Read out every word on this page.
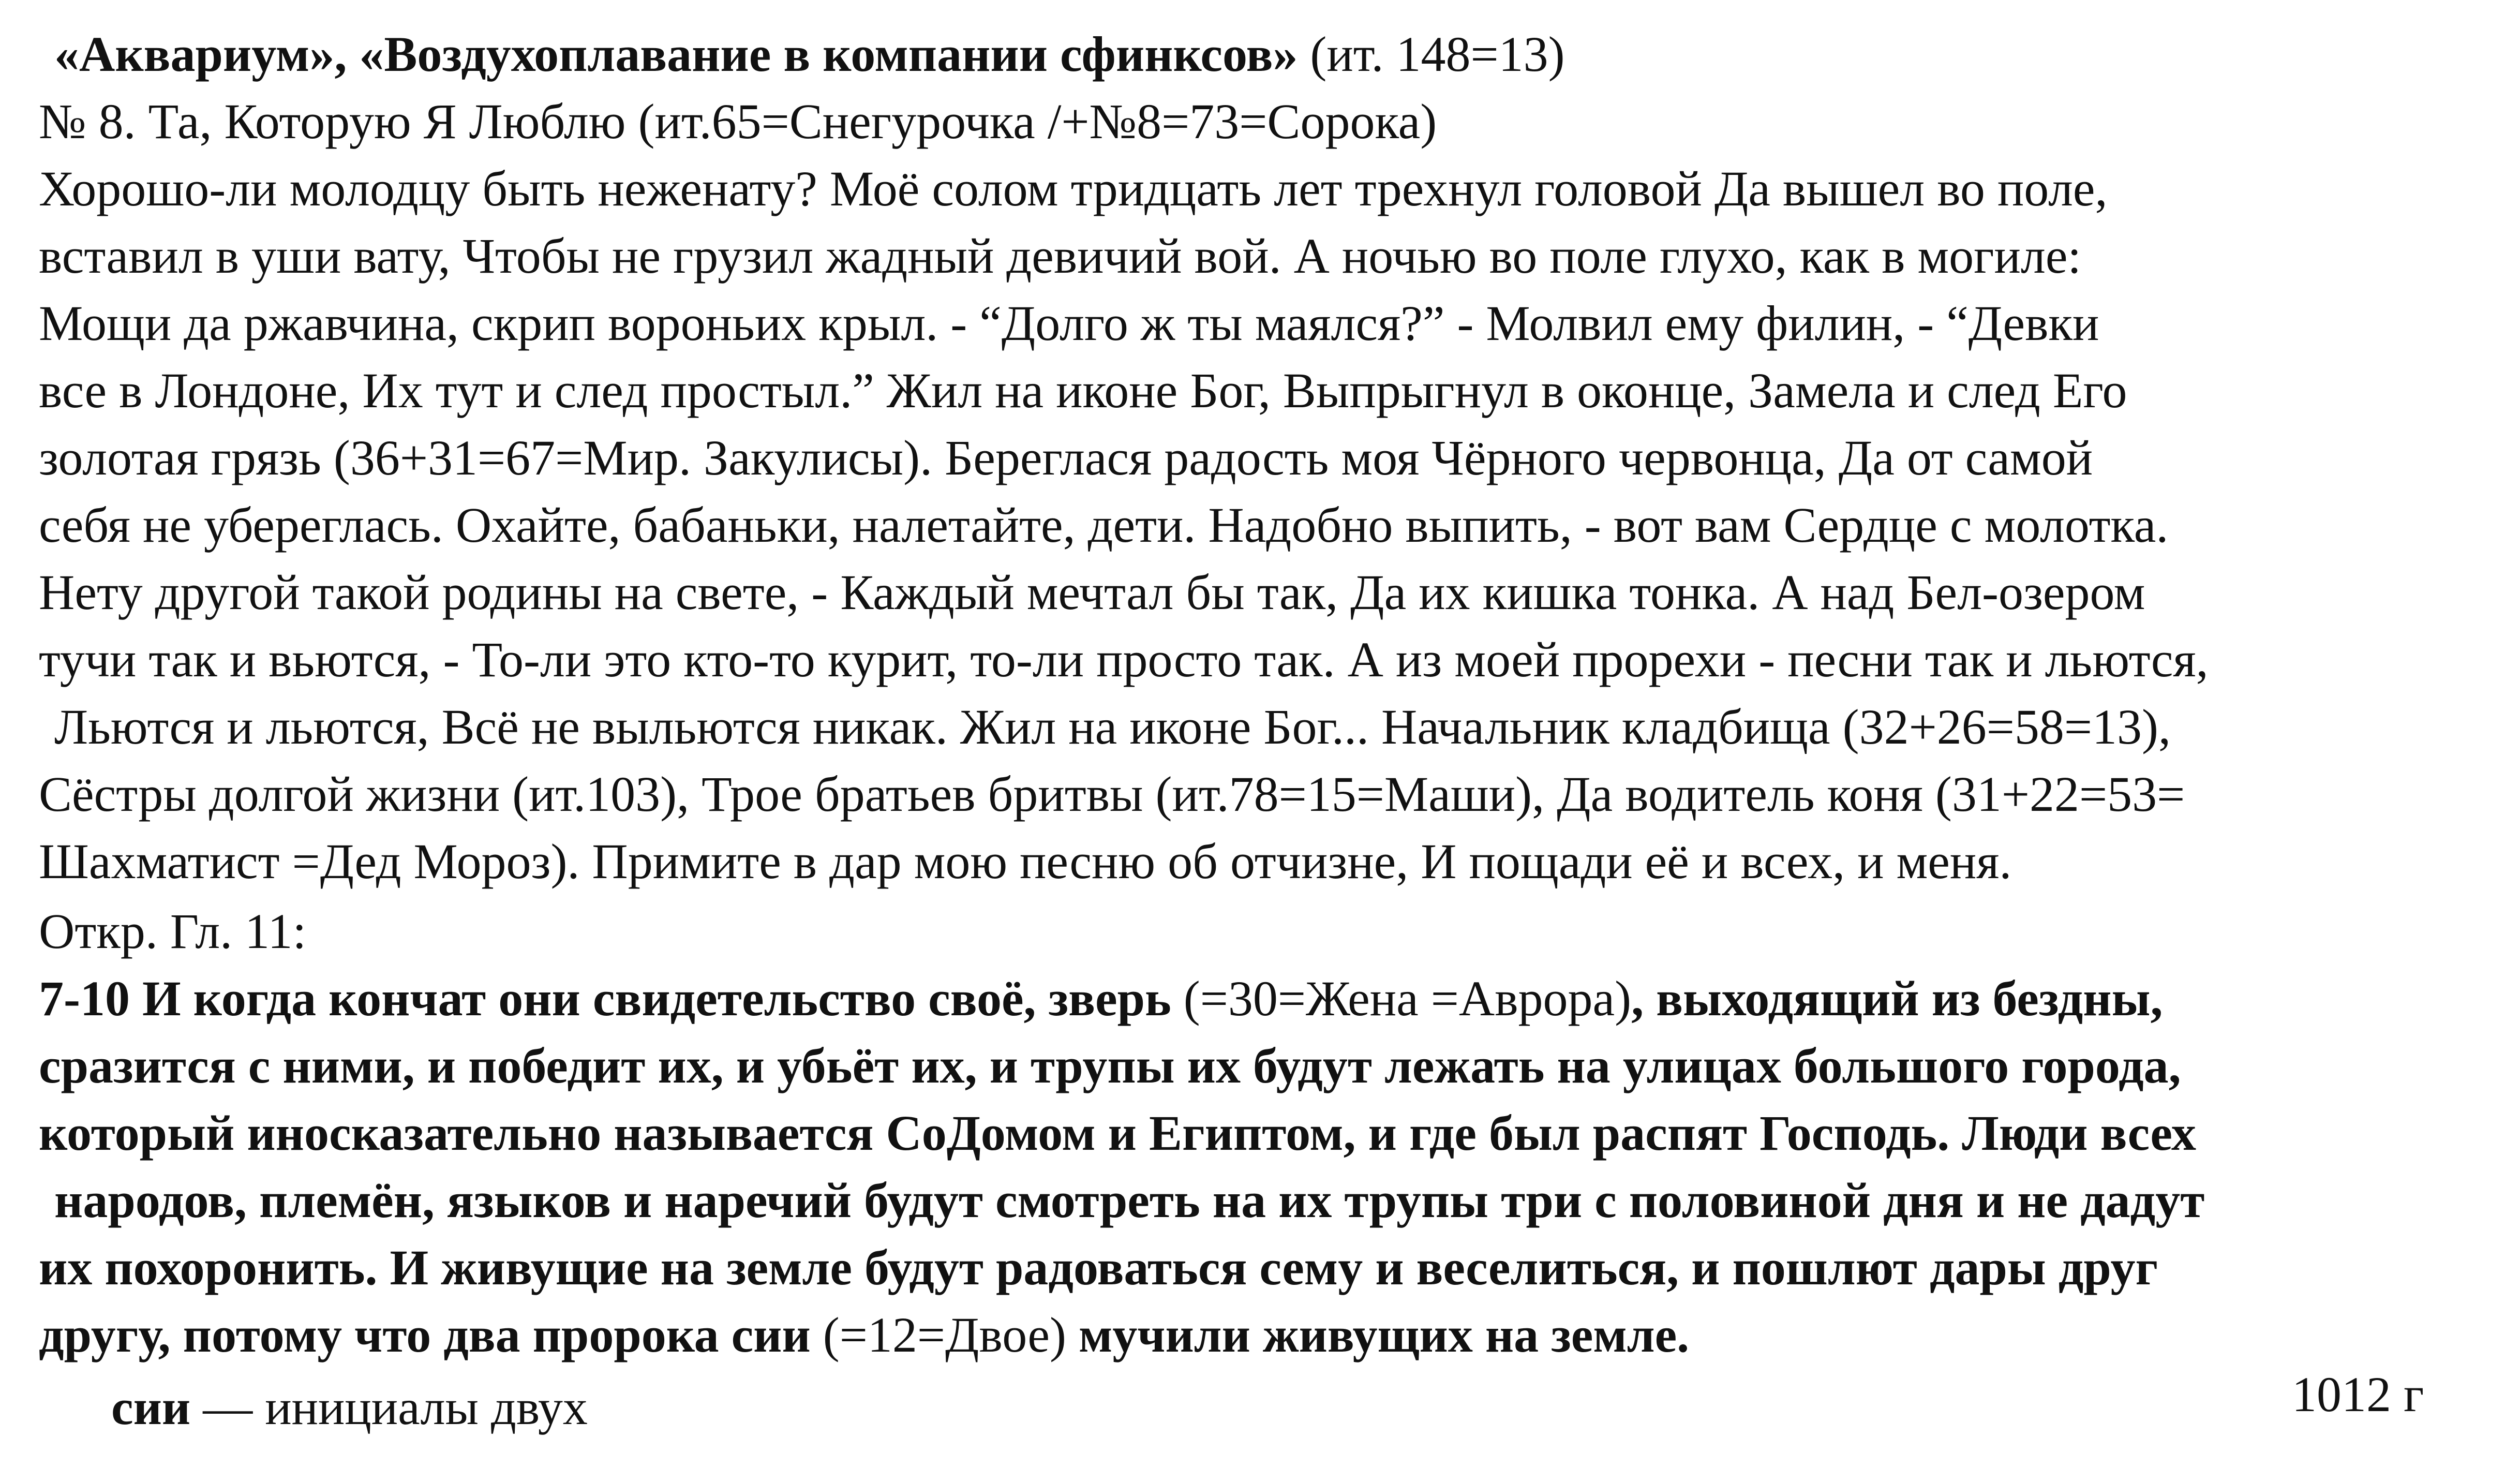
«Аквариум», «Воздухоплавание в компании сфинксов» (ит. 148=13)
№ 8. Та, Которую Я Люблю (ит.65=Снегурочка /+№8=73=Сорока)
Хорошо-ли молодцу быть неженату? Моё солом тридцать лет трехнул головой Да вышел во поле,
вставил в уши вату, Чтобы не грузил жадный девичий вой. А ночью во поле глухо, как в могиле:
Мощи да ржавчина, скрип вороньих крыл. - “Долго ж ты маялся?” - Молвил ему филин, - “Девки
все в Лондоне, Их тут и след простыл.” Жил на иконе Бог, Выпрыгнул в оконце, Замела и след Его
золотая грязь (36+31=67=Мир. Закулисы). Береглася радость моя Чёрного червонца, Да от самой
себя не убереглась. Охайте, бабаньки, налетайте, дети. Надобно выпить, - вот вам Сердце с молотка.
Нету другой такой родины на свете, - Каждый мечтал бы так, Да их кишка тонка. А над Бел-озером
тучи так и вьются, - То-ли это кто-то курит, то-ли просто так. А из моей прорехи - песни так и льются,
Льются и льются, Всё не выльются никак. Жил на иконе Бог... Начальник кладбища (32+26=58=13),
Сёстры долгой жизни (ит.103), Трое братьев бритвы (ит.78=15=Маши), Да водитель коня (31+22=53=
Шахматист =Дед Мороз). Примите в дар мою песню об отчизне, И пощади её и всех, и меня.
Откр. Гл. 11:
7-10 И когда кончат они свидетельство своё, зверь (=30=Жена =Аврора), выходящий из бездны,
сразится с ними, и победит их, и убьёт их, и трупы их будут лежать на улицах большого города,
который иносказательно называется СоДомом и Египтом, и где был распят Господь. Люди всех
народов, племён, языков и наречий будут смотреть на их трупы три с половиной дня и не дадут
их похоронить. И живущие на земле будут радоваться сему и веселиться, и пошлют дары друг
другу, потому что два пророка сии (=12=Двое) мучили живущих на земле.
сии — инициалы двух	1012 г
